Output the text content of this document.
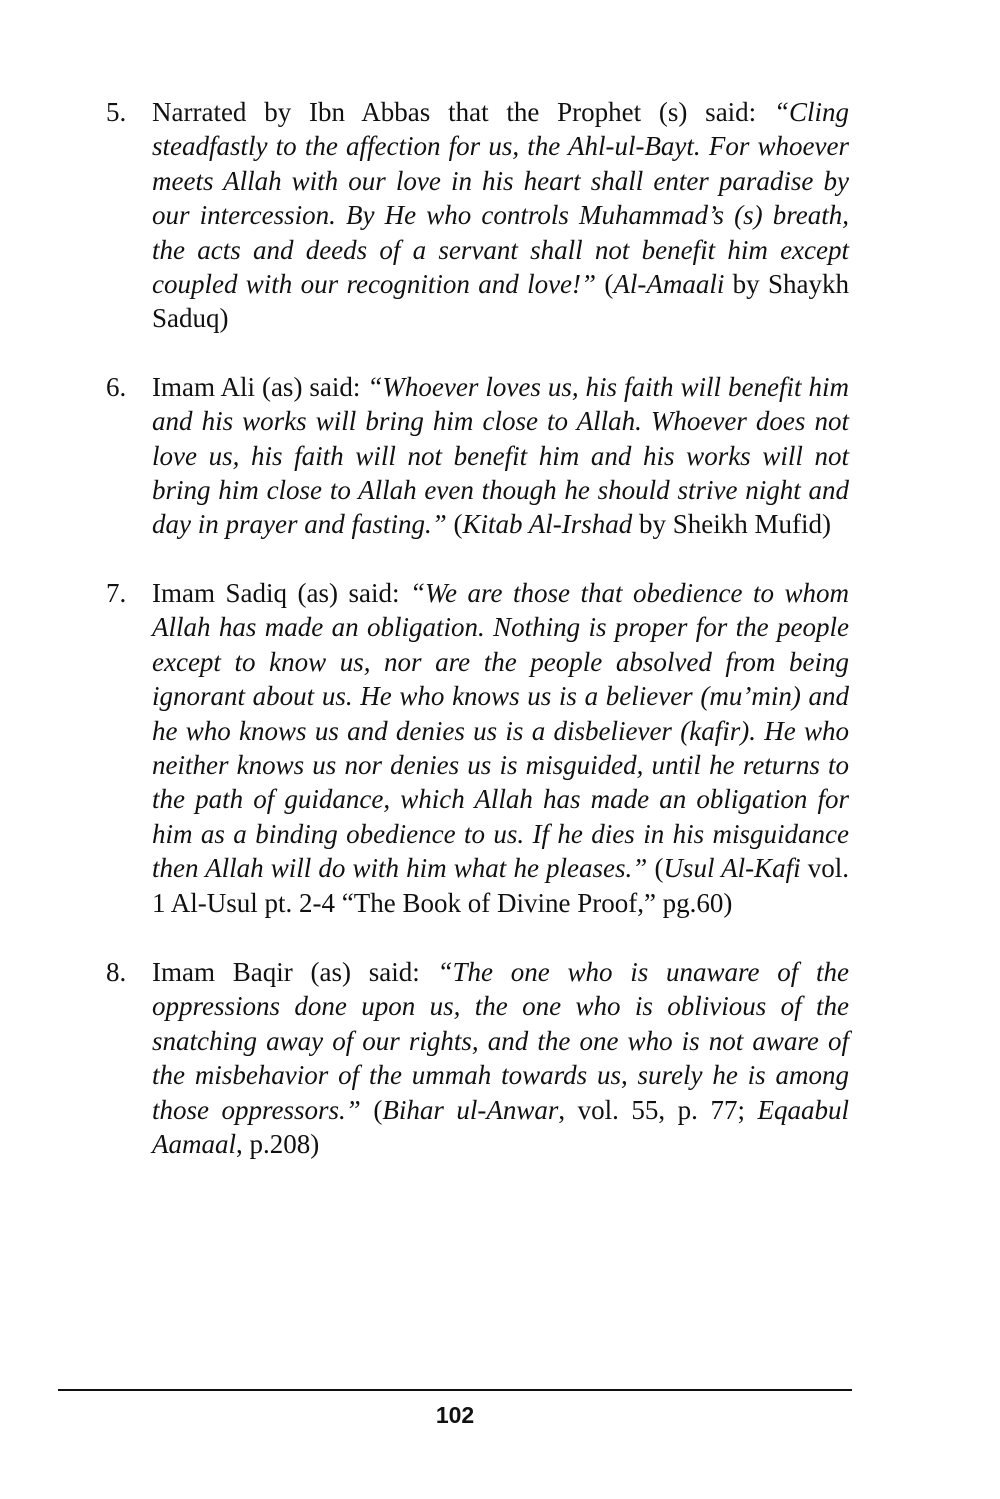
5. Narrated by Ibn Abbas that the Prophet (s) said: “Cling steadfastly to the affection for us, the Ahl-ul-Bayt. For whoever meets Allah with our love in his heart shall enter paradise by our intercession. By He who controls Muhammad’s (s) breath, the acts and deeds of a servant shall not benefit him except coupled with our recognition and love!” (Al-Amaali by Shaykh Saduq)
6. Imam Ali (as) said: “Whoever loves us, his faith will benefit him and his works will bring him close to Allah. Whoever does not love us, his faith will not benefit him and his works will not bring him close to Allah even though he should strive night and day in prayer and fasting.” (Kitab Al-Irshad by Sheikh Mufid)
7. Imam Sadiq (as) said: “We are those that obedience to whom Allah has made an obligation. Nothing is proper for the people except to know us, nor are the people absolved from being ignorant about us. He who knows us is a believer (mu’min) and he who knows us and denies us is a disbeliever (kafir). He who neither knows us nor denies us is misguided, until he returns to the path of guidance, which Allah has made an obligation for him as a binding obedience to us. If he dies in his misguidance then Allah will do with him what he pleases.” (Usul Al-Kafi vol. 1 Al-Usul pt. 2-4 “The Book of Divine Proof,” pg.60)
8. Imam Baqir (as) said: “The one who is unaware of the oppressions done upon us, the one who is oblivious of the snatching away of our rights, and the one who is not aware of the misbehavior of the ummah towards us, surely he is among those oppressors.” (Bihar ul-Anwar, vol. 55, p. 77; Eqaabul Aamaal, p.208)
102
